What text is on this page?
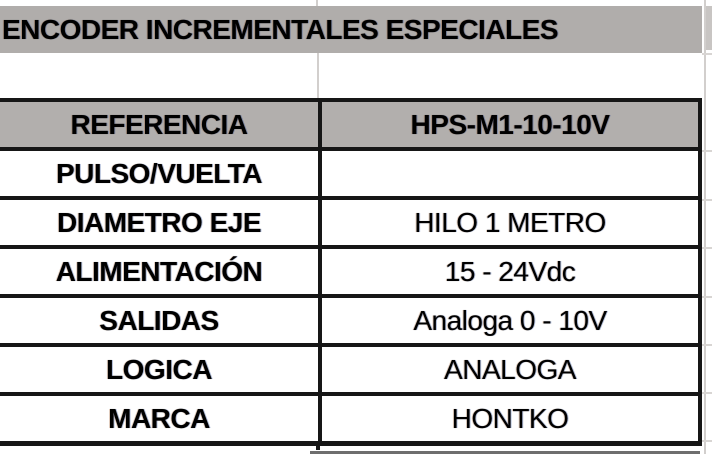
ENCODER INCREMENTALES ESPECIALES
REFERENCIA	HPS-M1-10-10V
PULSO/VUELTA
DIAMETRO EJE	HILO 1 METRO
ALIMENTACIÓN	15 - 24Vdc
SALIDAS	Analoga 0 - 10V
LOGICA	ANALOGA
MARCA	HONTKO
